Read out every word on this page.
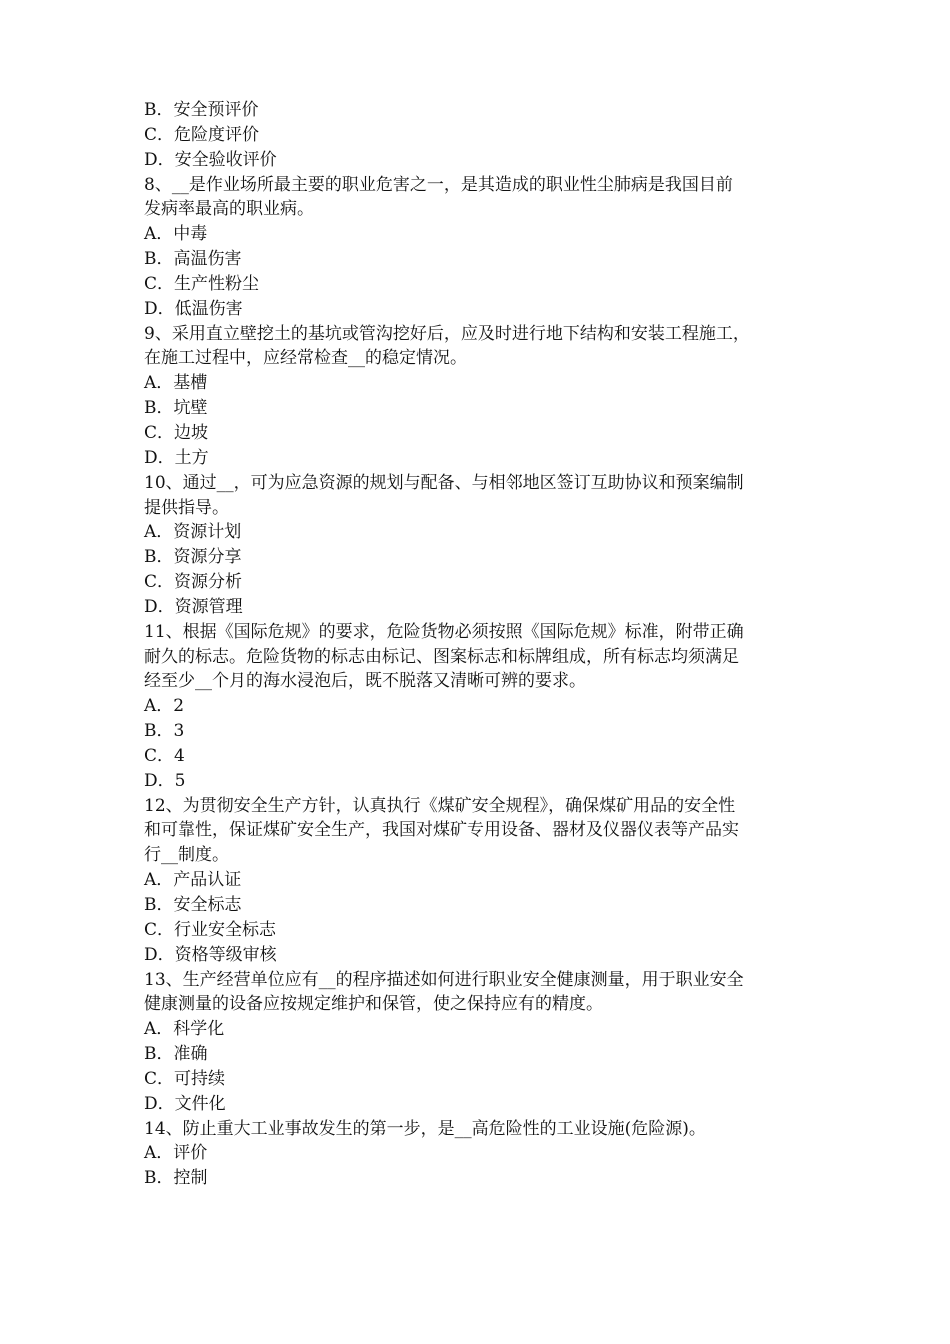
B．安全预评价
C．危险度评价
D．安全验收评价
8、__是作业场所最主要的职业危害之一，是其造成的职业性尘肺病是我国目前
发病率最高的职业病。
A．中毒
B．高温伤害
C．生产性粉尘
D．低温伤害
9、采用直立壁挖土的基坑或管沟挖好后，应及时进行地下结构和安装工程施工，
在施工过程中，应经常检查__的稳定情况。
A．基槽
B．坑壁
C．边坡
D．土方
10、通过__，可为应急资源的规划与配备、与相邻地区签订互助协议和预案编制
提供指导。
A．资源计划
B．资源分享
C．资源分析
D．资源管理
11、根据《国际危规》的要求，危险货物必须按照《国际危规》标准，附带正确
耐久的标志。危险货物的标志由标记、图案标志和标牌组成，所有标志均须满足
经至少__个月的海水浸泡后，既不脱落又清晰可辨的要求。
A．2
B．3
C．4
D．5
12、为贯彻安全生产方针，认真执行《煤矿安全规程》，确保煤矿用品的安全性
和可靠性，保证煤矿安全生产，我国对煤矿专用设备、器材及仪器仪表等产品实
行__制度。
A．产品认证
B．安全标志
C．行业安全标志
D．资格等级审核
13、生产经营单位应有__的程序描述如何进行职业安全健康测量，用于职业安全
健康测量的设备应按规定维护和保管，使之保持应有的精度。
A．科学化
B．准确
C．可持续
D．文件化
14、防止重大工业事故发生的第一步，是__高危险性的工业设施(危险源)。
A．评价
B．控制
